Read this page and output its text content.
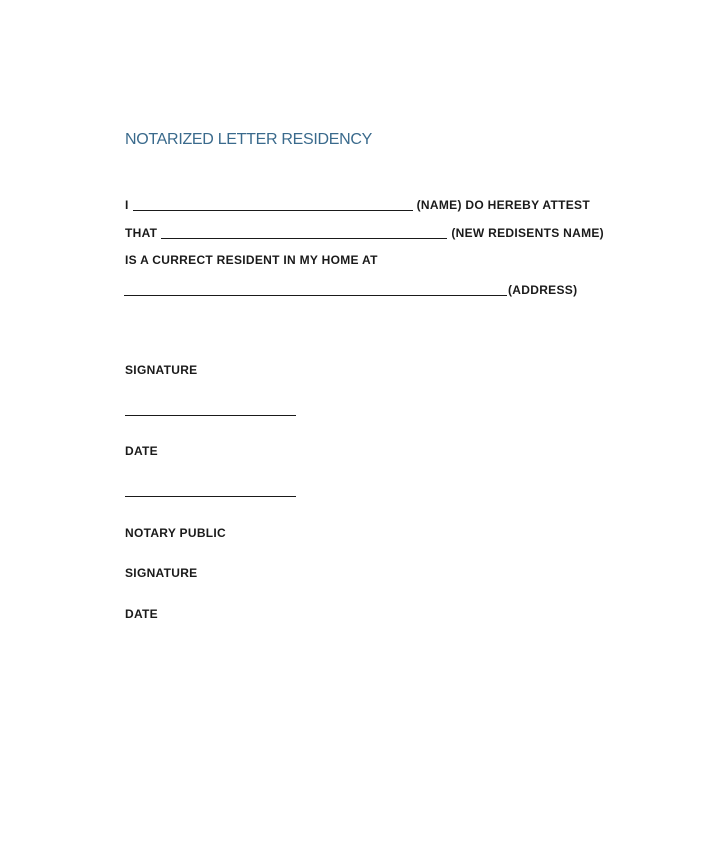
NOTARIZED LETTER RESIDENCY
I	(NAME) DO HEREBY ATTEST
THAT	(NEW REDISENTS NAME)
IS A CURRECT RESIDENT IN MY HOME AT
(ADDRESS)
SIGNATURE
DATE
NOTARY PUBLIC
SIGNATURE
DATE
